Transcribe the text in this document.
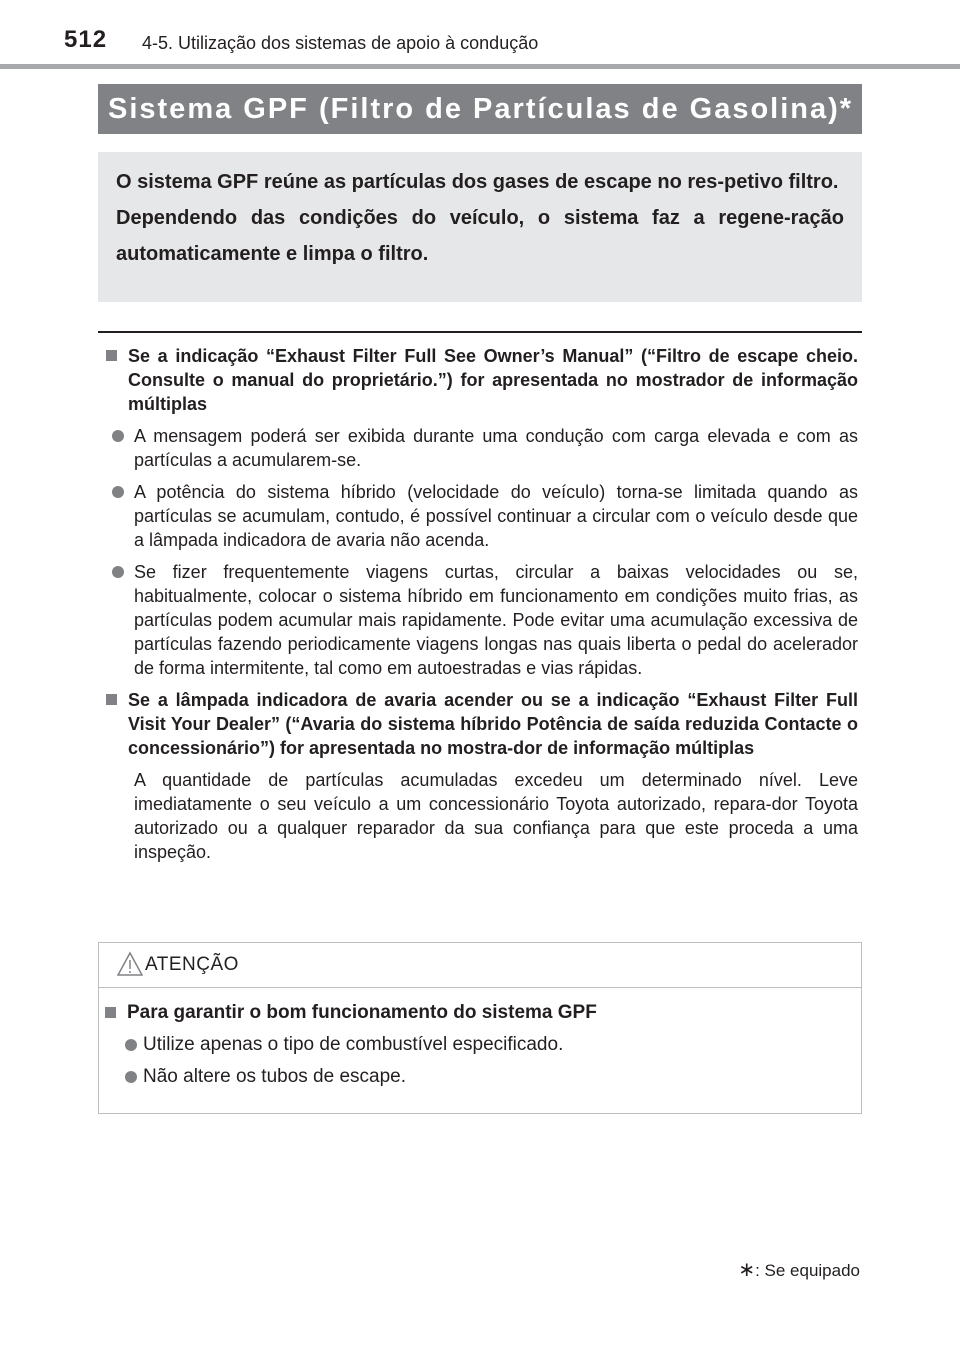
512 4-5. Utilização dos sistemas de apoio à condução
Sistema GPF (Filtro de Partículas de Gasolina)*

O sistema GPF reúne as partículas dos gases de escape no res-petivo filtro.

Dependendo das condições do veículo, o sistema faz a regene-ração automaticamente e limpa o filtro.

Se a indicação “Exhaust Filter Full See Owner’s Manual” (“Filtro de escape cheio. Consulte o manual do proprietário.”) for apresentada no mostrador de informação múltiplas
A mensagem poderá ser exibida durante uma condução com carga elevada e com as partículas a acumularem-se.
A potência do sistema híbrido (velocidade do veículo) torna-se limitada quando as partículas se acumulam, contudo, é possível continuar a circular com o veículo desde que a lâmpada indicadora de avaria não acenda.
Se fizer frequentemente viagens curtas, circular a baixas velocidades ou se, habitualmente, colocar o sistema híbrido em funcionamento em condições muito frias, as partículas podem acumular mais rapidamente. Pode evitar uma acumulação excessiva de partículas fazendo periodicamente viagens longas nas quais liberta o pedal do acelerador de forma intermitente, tal como em autoestradas e vias rápidas.
Se a lâmpada indicadora de avaria acender ou se a indicação “Exhaust Filter Full Visit Your Dealer” (“Avaria do sistema híbrido Potência de saída reduzida Contacte o concessionário”) for apresentada no mostra-dor de informação múltiplas
A quantidade de partículas acumuladas excedeu um determinado nível. Leve imediatamente o seu veículo a um concessionário Toyota autorizado, repara-dor Toyota autorizado ou a qualquer reparador da sua confiança para que este proceda a uma inspeção.
ATENÇÃO
Para garantir o bom funcionamento do sistema GPF
Utilize apenas o tipo de combustível especificado.
Não altere os tubos de escape.
∗: Se equipado
